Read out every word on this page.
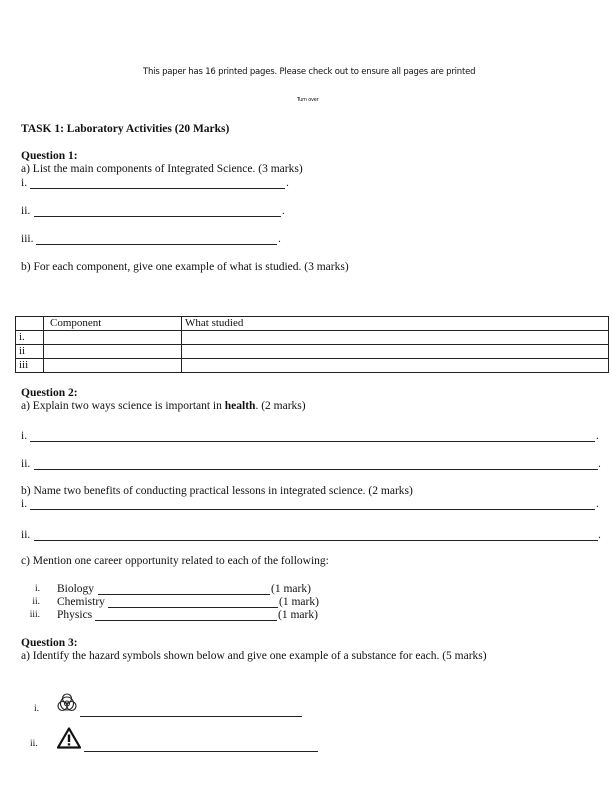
This paper has 16 printed pages. Please check out to ensure all pages are printed
Turn over
TASK 1: Laboratory Activities (20 Marks)
Question 1:
a) List the main components of Integrated Science. (3 marks)
i.	.
ii.	.
iii.	.
b) For each component, give one example of what is studied. (3 marks)
	Component	What studied
i.		
ii		
iii		
Question 2:
a) Explain two ways science is important in health. (2 marks)
i.	.
ii.	.
b) Name two benefits of conducting practical lessons in integrated science. (2 marks)
i.	.
ii.	.
c) Mention one career opportunity related to each of the following:
i. Biology	(1 mark)
ii. Chemistry	(1 mark)
iii. Physics	(1 mark)
Question 3:
a) Identify the hazard symbols shown below and give one example of a substance for each. (5 marks)
i.
ii.
